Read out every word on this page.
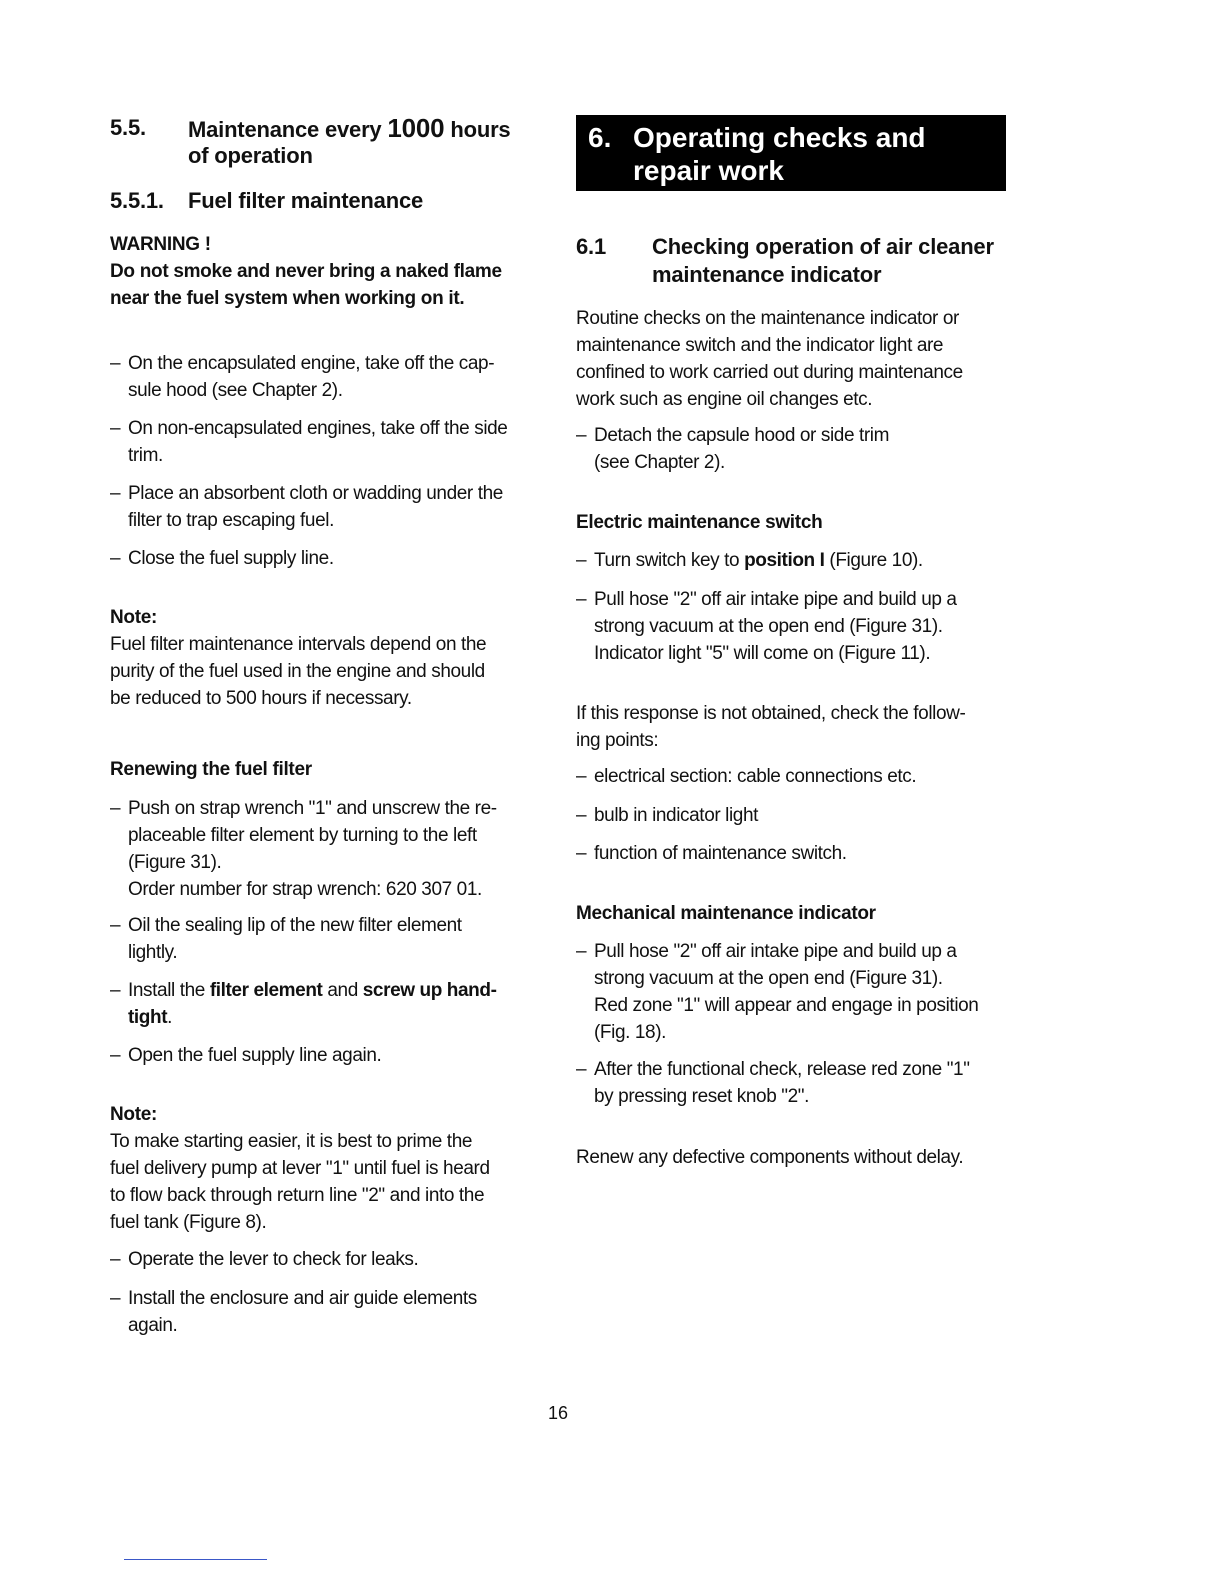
5.5. Maintenance every 1000 hours
of operation
5.5.1. Fuel filter maintenance
WARNING !
Do not smoke and never bring a naked flame
near the fuel system when working on it.
– On the encapsulated engine, take off the cap-
sule hood (see Chapter 2).
– On non-encapsulated engines, take off the side
trim.
– Place an absorbent cloth or wadding under the
filter to trap escaping fuel.
– Close the fuel supply line.
Note:
Fuel filter maintenance intervals depend on the
purity of the fuel used in the engine and should
be reduced to 500 hours if necessary.
Renewing the fuel filter
– Push on strap wrench "1" and unscrew the re-
placeable filter element by turning to the left
(Figure 31).
Order number for strap wrench: 620 307 01.
– Oil the sealing lip of the new filter element
lightly.
– Install the filter element and screw up hand-
tight.
– Open the fuel supply line again.
Note:
To make starting easier, it is best to prime the
fuel delivery pump at lever "1" until fuel is heard
to flow back through return line "2" and into the
fuel tank (Figure 8).
– Operate the lever to check for leaks.
– Install the enclosure and air guide elements
again.
6. Operating checks and
repair work
6.1 Checking operation of air cleaner
maintenance indicator
Routine checks on the maintenance indicator or
maintenance switch and the indicator light are
confined to work carried out during maintenance
work such as engine oil changes etc.
– Detach the capsule hood or side trim
(see Chapter 2).
Electric maintenance switch
– Turn switch key to position I (Figure 10).
– Pull hose "2" off air intake pipe and build up a
strong vacuum at the open end (Figure 31).
Indicator light "5" will come on (Figure 11).
If this response is not obtained, check the follow-
ing points:
– electrical section: cable connections etc.
– bulb in indicator light
– function of maintenance switch.
Mechanical maintenance indicator
– Pull hose "2" off air intake pipe and build up a
strong vacuum at the open end (Figure 31).
Red zone "1" will appear and engage in position
(Fig. 18).
– After the functional check, release red zone "1"
by pressing reset knob "2".
Renew any defective components without delay.
16
